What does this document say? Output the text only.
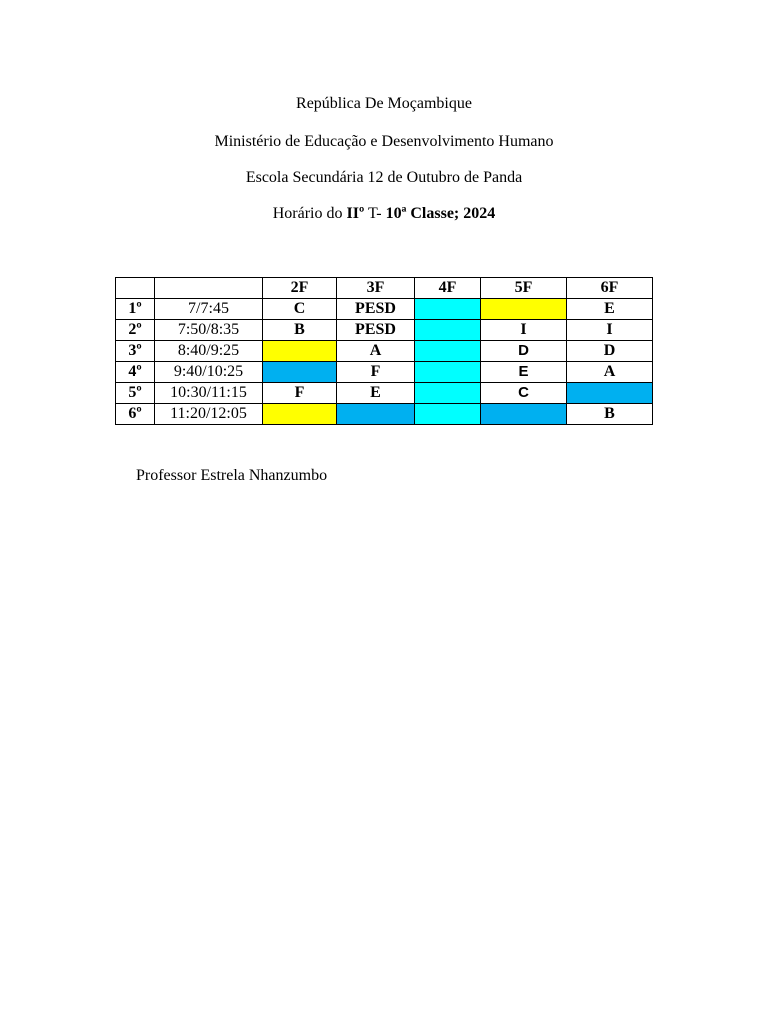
República De Moçambique
Ministério de Educação e Desenvolvimento Humano
Escola Secundária 12 de Outubro de Panda
Horário do IIº T- 10ª Classe; 2024
		2F	3F	4F	5F	6F
1º	7/7:45	C	PESD			E
2º	7:50/8:35	B	PESD		I	I
3º	8:40/9:25		A		D	D
4º	9:40/10:25		F		E	A
5º	10:30/11:15	F	E		C	
6º	11:20/12:05					B
Professor Estrela Nhanzumbo
